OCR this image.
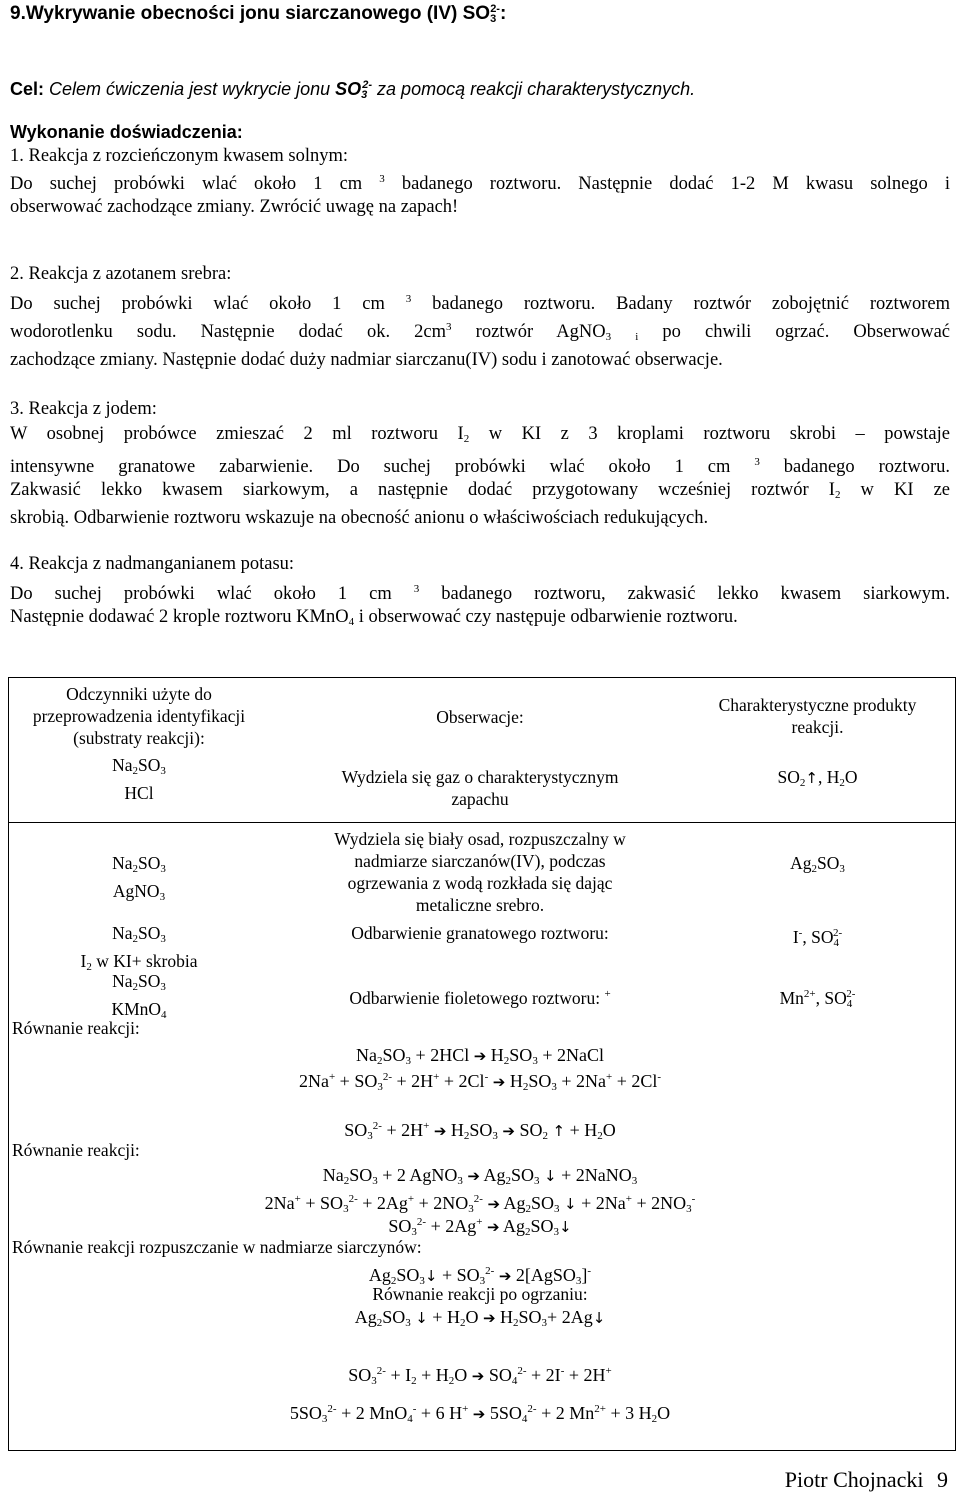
9.Wykrywanie obecności jonu siarczanowego (IV) $SO_3^{2-}$:
Cel: Celem ćwiczenia jest wykrycie jonu $SO_3^{2-}$ za pomocą reakcji charakterystycznych.
Wykonanie doświadczenia:
1. Reakcja z rozcieńczonym kwasem solnym:
Do suchej probówki wlać około 1 cm $^3$ badanego roztworu. Następnie dodać 1-2 M kwasu solnego i
obserwować zachodzące zmiany. Zwrócić uwagę na zapach!
2. Reakcja z azotanem srebra:
Do suchej probówki wlać około 1 cm $^3$ badanego roztworu. Badany roztwór zobojętnić roztworem
wodorotlenku sodu. Następnie dodać ok. $2cm^3$ roztwór AgNO$_3$ $_i$ po chwili ogrzać. Obserwować
zachodzące zmiany. Następnie dodać duży nadmiar siarczanu(IV) sodu i zanotować obserwacje.
3. Reakcja z jodem:
W osobnej probówce zmieszać 2 ml roztworu $I_2$ w KI z 3 kroplami roztworu skrobi – powstaje
intensywne granatowe zabarwienie. Do suchej probówki wlać około 1 cm $^3$ badanego roztworu.
Zakwasić lekko kwasem siarkowym, a następnie dodać przygotowany wcześniej roztwór $I_2$ w KI ze
skrobią. Odbarwienie roztworu wskazuje na obecność anionu o właściwościach redukujących.
4. Reakcja z nadmanganianem potasu:
Do suchej probówki wlać około 1 cm $^3$ badanego roztworu, zakwasić lekko kwasem siarkowym.
Następnie dodawać 2 krople roztworu KMnO$_4$ i obserwować czy następuje odbarwienie roztworu.
Odczynniki użyte do
przeprowadzenia identyfikacji
(substraty reakcji):
Obserwacje:
Charakterystyczne produkty
reakcji.
$Na_2SO_3$
HCl
Wydziela się gaz o charakterystycznym
zapachu
$SO_2↑$, $H_2O$
$Na_2SO_3$
AgNO$_3$
Wydziela się biały osad, rozpuszczalny w
nadmiarze siarczanów(IV), podczas
ogrzewania z wodą rozkłada się dając
metaliczne srebro.
$Ag_2SO_3$
$Na_2SO_3$
$I_2$ w KI+ skrobia
Odbarwienie granatowego roztworu:	I-, $SO_4^{2-}$
$Na_2SO_3$
KMnO$_4$
Odbarwienie fioletowego roztworu: +	$Mn^{2+}$, $SO_4^{2-}$
Równanie reakcji:
Równanie reakcji:
Równanie reakcji rozpuszczanie w nadmiarze siarczynów:
$Na_2SO_3 + 2HCl$ ➔ $H_2SO_3$ + 2NaCl
$2Na^+ + SO_3^{2-} + 2H^+ + 2Cl^-$ ➔ $H_2SO_3 + 2Na^+ + 2Cl^-$
$SO_3^{2-} + 2H^+$ ➔ $H_2SO_3$ ➔ $SO_2$ ↑ + $H_2O$
$Na_2SO_3 + 2$ AgNO$_3$ ➔ $Ag_2SO_3$ ↓ + 2NaNO$_3$
$2Na^+ + SO_3^{2-} + 2Ag^+ + 2NO_3^{2-}$ ➔ $Ag_2SO_3$ ↓ + $2Na^+ + 2NO_3^-$
$SO_3^{2-} + 2Ag^+$ ➔ $Ag_2SO_3↓$
$Ag_2SO_3↓ + SO_3^{2-}$ ➔ 2[AgSO$_3$]-
Równanie reakcji po ogrzaniu:
$Ag_2SO_3$ ↓ + $H_2O$ ➔ $H_2SO_3+$ 2Ag↓
$SO_3^{2-} + I_2 + H_2O$ ➔ $SO_4^{2-} + 2I^- + 2H^+$
$5SO_3^{2-} + 2$ MnO$_4$- + 6 H+ ➔ $5SO_4^{2-} + 2$ $Mn^{2+} + 3$ $H_2O$
Piotr Chojnacki 9
